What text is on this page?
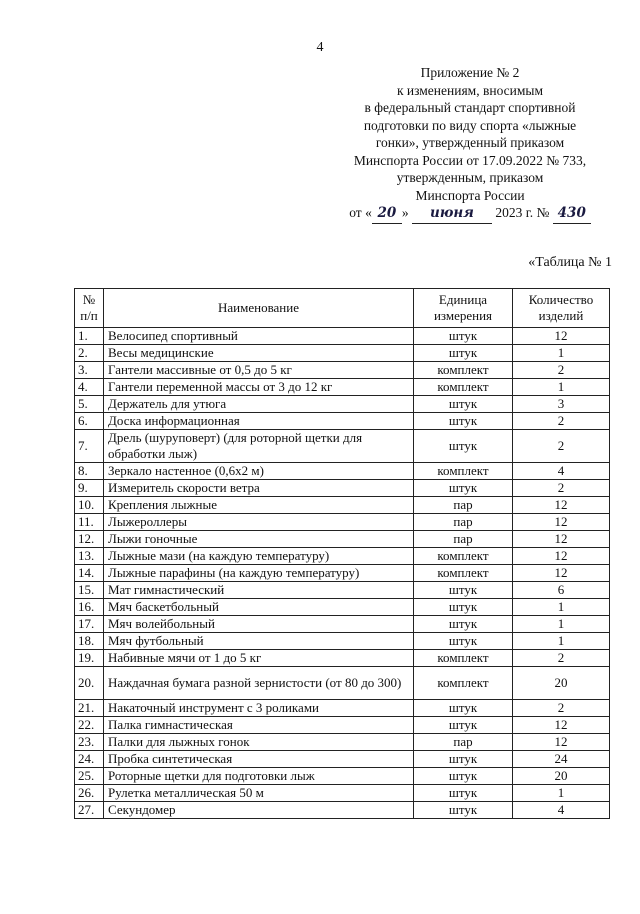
4
Приложение № 2
к изменениям, вносимым
в федеральный стандарт спортивной
подготовки по виду спорта «лыжные
гонки», утвержденный приказом
Минспорта России от 17.09.2022 № 733,
утвержденным, приказом
Минспорта России
от « 20 » июня 2023 г. № 430
«Таблица № 1
№ п/п	Наименование	Единица измерения	Количество изделий
1.	Велосипед спортивный	штук	12
2.	Весы медицинские	штук	1
3.	Гантели массивные от 0,5 до 5 кг	комплект	2
4.	Гантели переменной массы от 3 до 12 кг	комплект	1
5.	Держатель для утюга	штук	3
6.	Доска информационная	штук	2
7.	Дрель (шуруповерт) (для роторной щетки для обработки лыж)	штук	2
8.	Зеркало настенное (0,6х2 м)	комплект	4
9.	Измеритель скорости ветра	штук	2
10.	Крепления лыжные	пар	12
11.	Лыжероллеры	пар	12
12.	Лыжи гоночные	пар	12
13.	Лыжные мази (на каждую температуру)	комплект	12
14.	Лыжные парафины (на каждую температуру)	комплект	12
15.	Мат гимнастический	штук	6
16.	Мяч баскетбольный	штук	1
17.	Мяч волейбольный	штук	1
18.	Мяч футбольный	штук	1
19.	Набивные мячи от 1 до 5 кг	комплект	2
20.	Наждачная бумага разной зернистости (от 80 до 300)	комплект	20
21.	Накаточный инструмент с 3 роликами	штук	2
22.	Палка гимнастическая	штук	12
23.	Палки для лыжных гонок	пар	12
24.	Пробка синтетическая	штук	24
25.	Роторные щетки для подготовки лыж	штук	20
26.	Рулетка металлическая 50 м	штук	1
27.	Секундомер	штук	4
